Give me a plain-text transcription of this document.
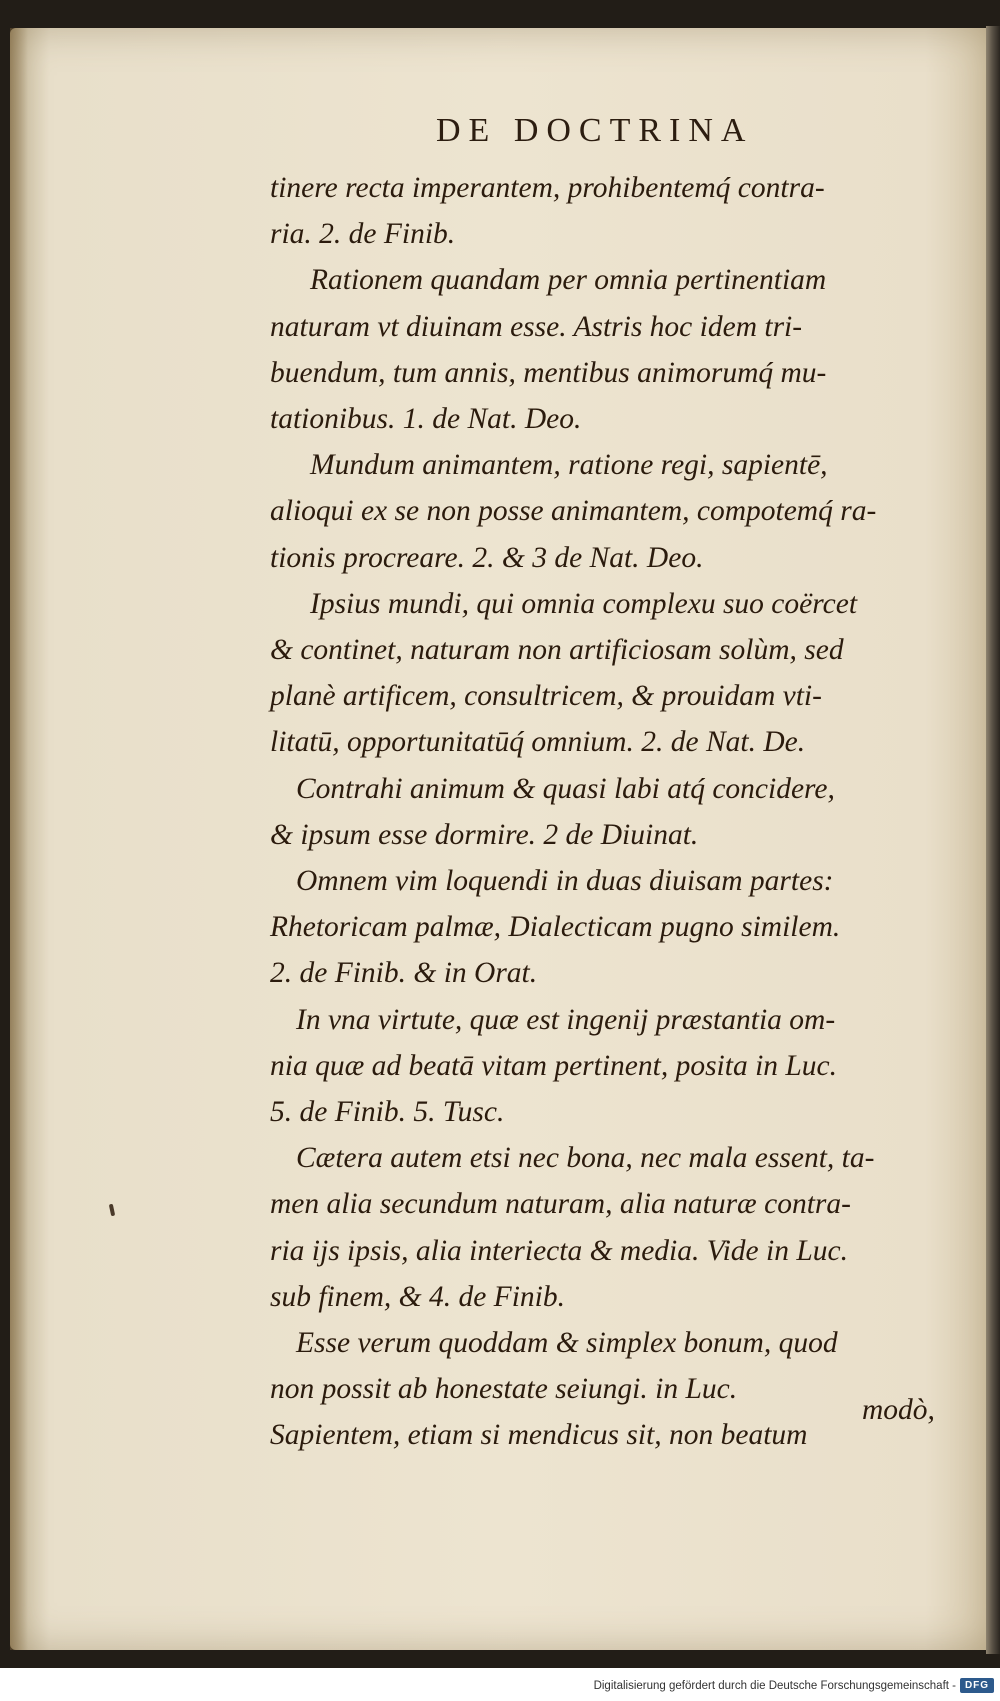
DE DOCTRINA

tinere recta imperantem, prohibentemq́ contra-
ria. 2. de Finib.

Rationem quandam per omnia pertinentiam
naturam vt diuinam esse. Astris hoc idem tri-
buendum, tum annis, mentibus animorumq́ mu-
tationibus. 1. de Nat. Deo.

Mundum animantem, ratione regi, sapientē,
alioqui ex se non posse animantem, compotemq́ ra-
tionis procreare. 2. & 3 de Nat. Deo.

Ipsius mundi, qui omnia complexu suo coërcet
& continet, naturam non artificiosam solùm, sed
planè artificem, consultricem, & prouidam vti-
litatū, opportunitatūq́ omnium. 2. de Nat. De.

Contrahi animum & quasi labi atq́ concidere,
& ipsum esse dormire. 2 de Diuinat.

Omnem vim loquendi in duas diuisam partes:
Rhetoricam palmæ, Dialecticam pugno similem.
2. de Finib. & in Orat.

In vna virtute, quæ est ingenij præstantia om-
nia quæ ad beatā vitam pertinent, posita in Luc.
5. de Finib. 5. Tusc.

Cætera autem etsi nec bona, nec mala essent, ta-
men alia secundum naturam, alia naturæ contra-
ria ijs ipsis, alia interiecta & media. Vide in Luc.
sub finem, & 4. de Finib.

Esse verum quoddam & simplex bonum, quod
non possit ab honestate seiungi. in Luc.

Sapientem, etiam si mendicus sit, non beatum

modò,
Digitalisierung gefördert durch die Deutsche Forschungsgemeinschaft - DFG
